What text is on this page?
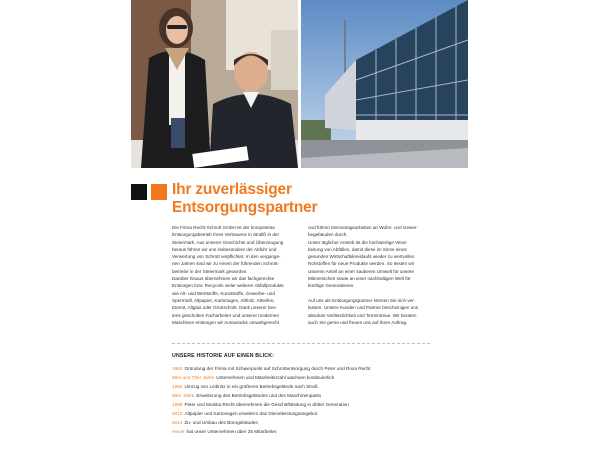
Ihr zuverlässiger
Entsorgungspartner
Die Firma Recht-Schrott GmbH ist der kompetente
Entsorgungsbetrieb Ihres Vertrauens in Strallß in der
Steiermark. Aus unserer Geschichte und Überzeugung
heraus führen wir uns insbesondere der Abfuhr und
Verwertung von Schrott verpflichtet. In den vergange-
nen Jahren sind wir zu einem der führenden Schrott-
betriebe in der Steiermark geworden.
Darüber hinaus übernehmen wir das fachgerechte
Entsorgen bzw. Recyceln vieler weiterer Abfallprodukte
wie Alt- und Wertstoffe, Kunststoffe, Gewerbe- und
Sperrmüll, Altpapier, Kartonagen, Altholz, Altreifen,
Eternit, Altglas oder Grünschnitt. Dank unserer bes-
tens geschulten Facharbeiter und unserer modernen
Maschinen entsorgen wir Autowracks umweltgerecht
und führen Demontagearbeiten an Wohn- und Gewer-
begebäuden durch.
Unser täglicher Antrieb ist die hochwertige Verar-
beitung von Abfällen, damit diese im Sinne eines
gesunden Wirtschaftskreislaufs wieder zu wertvollen
Rohstoffen für neue Produkte werden. So leisten wir
unseren Anteil an einer sauberen Umwelt für unsere
Mitmenschen sowie an einer nachhaltigen Welt für
künftige Generationen.

Auf uns als Entsorgungspartner können Sie sich ver-
lassen. Unsere Kunden und Partner bescheinigen uns
absolute Verlässlichkeit und Termintreue. Wir beraten
auch Sie gerne und freuen uns auf Ihren Auftrag.
UNSERE HISTORIE AUF EINEN BLICK:
1962 Gründung der Firma mit Schwerpunkt auf Schrottentsorgung durch Peter und Rosa Recht
60er und 70er Jahre Unternehmen und Mitarbeiterzahl wachsen kontinuierlich
1984 Umzug von Leibnitz in ein größeres Betriebsgelände nach Straß
90er Jahre Erweiterung des Betriebsgeländes und des Maschinenparks
1998 Peter und Monika Recht übernehmen die Geschäftsleitung in dritter Generation
2010 Altpapier und Kartonagen erweitern das Dienstleistungsangebot
2014 Zu- und Umbau des Bürogebäudes
Heute hat unser Unternehmen über 25 Mitarbeiter.
